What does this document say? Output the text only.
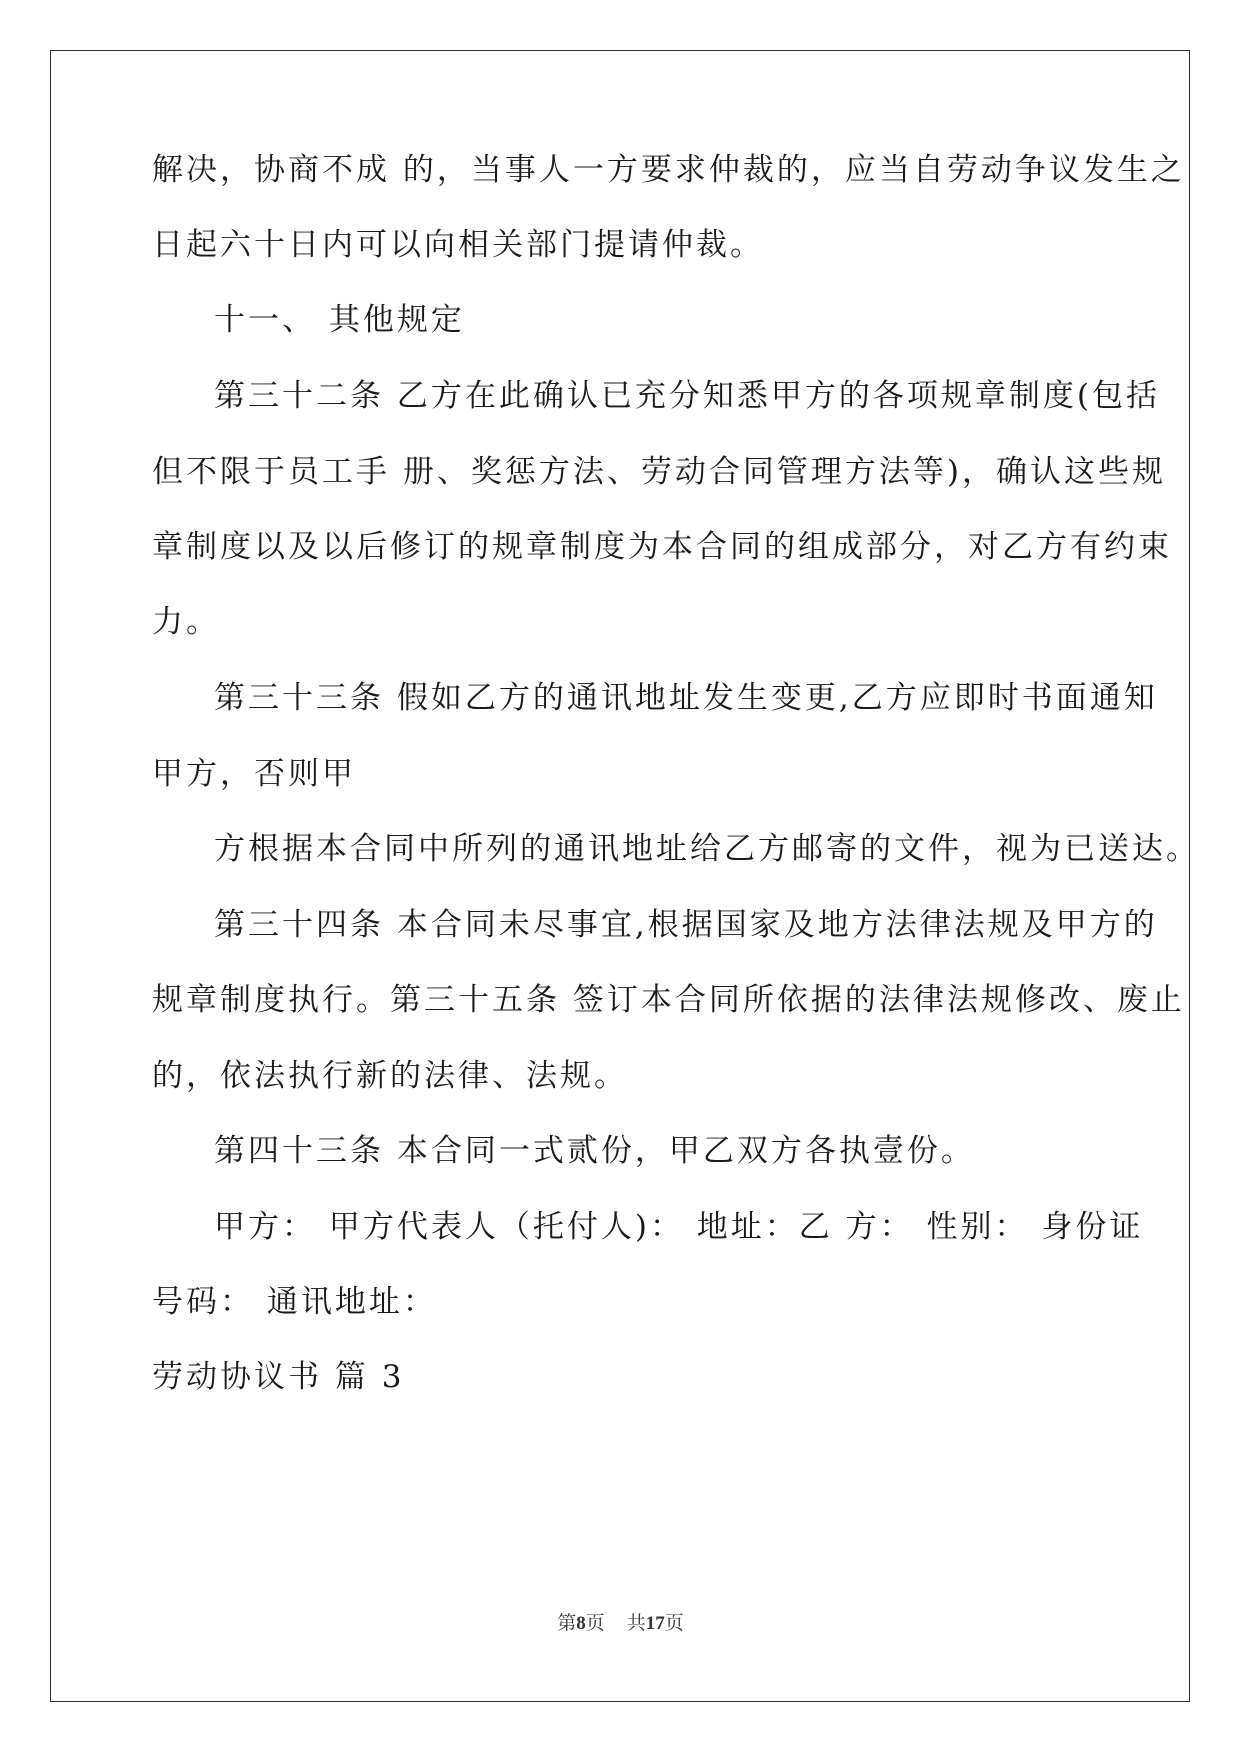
解决，协商不成 的，当事人一方要求仲裁的，应当自劳动争议发生之
日起六十日内可以向相关部门提请仲裁。
十一、 其他规定
第三十二条 乙方在此确认已充分知悉甲方的各项规章制度(包括
但不限于员工手 册、奖惩方法、劳动合同管理方法等)，确认这些规
章制度以及以后修订的规章制度为本合同的组成部分，对乙方有约束
力。
第三十三条 假如乙方的通讯地址发生变更,乙方应即时书面通知
甲方，否则甲
方根据本合同中所列的通讯地址给乙方邮寄的文件，视为已送达。
第三十四条 本合同未尽事宜,根据国家及地方法律法规及甲方的
规章制度执行。第三十五条 签订本合同所依据的法律法规修改、废止
的，依法执行新的法律、法规。
第四十三条 本合同一式贰份，甲乙双方各执壹份。
甲方： 甲方代表人（托付人)： 地址：乙 方： 性别： 身份证
号码： 通讯地址：
劳动协议书 篇 3
第8页 共17页
